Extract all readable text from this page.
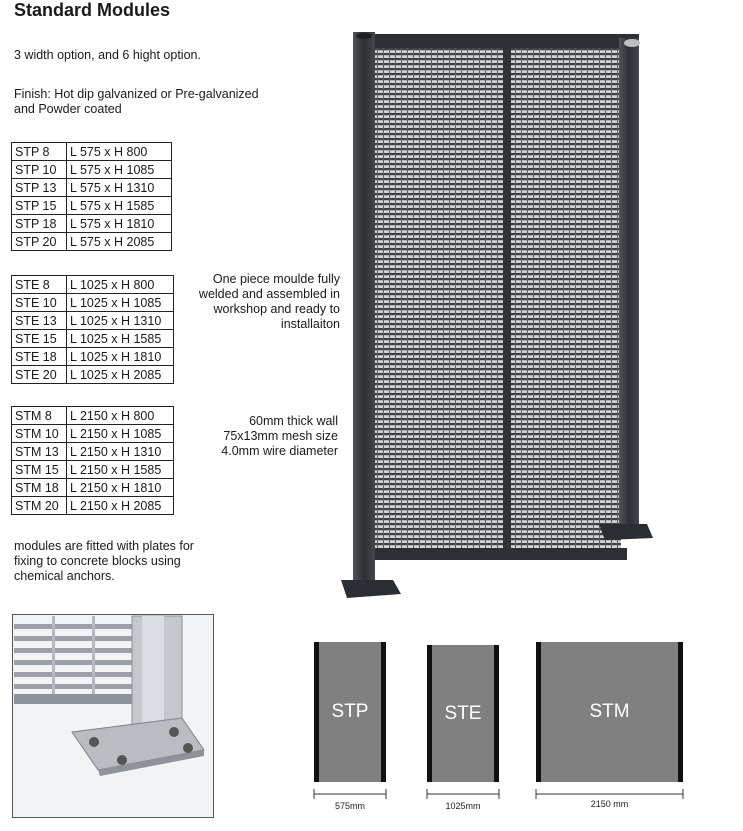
Standard Modules
3 width option, and 6 hight option.
Finish: Hot dip galvanized or Pre-galvanized
and Powder coated
STP 8	L 575 x H 800
STP 10	L 575 x H 1085
STP 13	L 575 x H 1310
STP 15	L 575 x H 1585
STP 18	L 575 x H 1810
STP 20	L 575 x H 2085
STE 8	L 1025 x H 800
STE 10	L 1025 x H 1085
STE 13	L 1025 x H 1310
STE 15	L 1025 x H 1585
STE 18	L 1025 x H 1810
STE 20	L 1025 x H 2085
STM 8	L 2150 x H 800
STM 10	L 2150 x H 1085
STM 13	L 2150 x H 1310
STM 15	L 2150 x H 1585
STM 18	L 2150 x H 1810
STM 20	L 2150 x H 2085
One piece moulde fully
welded and assembled in
workshop and ready to
installaiton
60mm thick wall
75x13mm mesh size
4.0mm wire diameter
modules are fitted with plates for
fixing to concrete blocks using
chemical anchors.
STP	STE	STM
575mm	1025mm	2150 mm
